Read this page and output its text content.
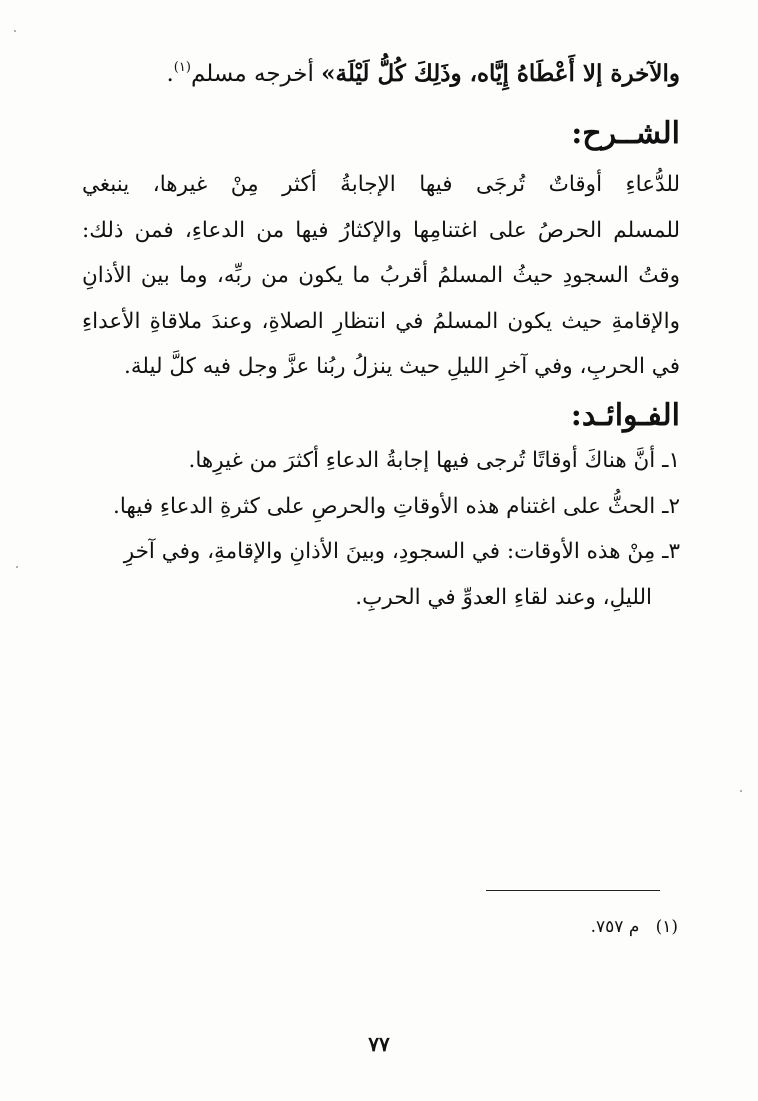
والآخرة إلا أَعْطَاهُ إِيَّاه، وذَلِكَ كُلُّ لَيْلَة» أخرجه مسلم$^{(١)}$.
الشــرح:

للدُّعاءِ أوقاتٌ تُرجَى فيها الإجابةُ أكثر مِنْ غيرها، ينبغي
للمسلم الحرصُ على اغتنامِها والإكثارُ فيها من الدعاءِ، فمن ذلك:
وقتُ السجودِ حيثُ المسلمُ أقربُ ما يكون من ربِّه، وما بين الأذانِ
والإقامةِ حيث يكون المسلمُ في انتظارِ الصلاةِ، وعندَ ملاقاةِ الأعداءِ
في الحربِ، وفي آخرِ الليلِ حيث ينزلُ ربُنا عزَّ وجل فيه كلَّ ليلة.

الفـوائـد:
١ـ أنَّ هناكَ أوقاتًا تُرجى فيها إجابةُ الدعاءِ أكثرَ من غيرِها.
٢ـ الحثُّ على اغتنام هذه الأوقاتِ والحرصِ على كثرةِ الدعاءِ فيها.
٣ـ مِنْ هذه الأوقات: في السجودِ، وبينَ الأذانِ والإقامةِ، وفي آخرِ
الليلِ، وعند لقاءِ العدوِّ في الحربِ.
(١)   م ٧٥٧.
٧٧
